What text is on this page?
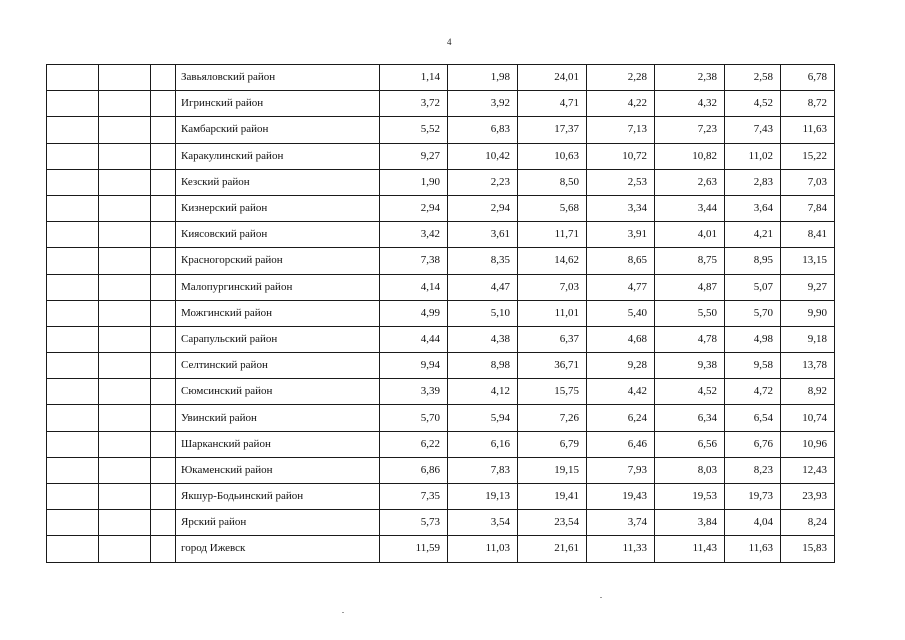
4
			Завьяловский район	1,14	1,98	24,01	2,28	2,38	2,58	6,78
			Игринский район	3,72	3,92	4,71	4,22	4,32	4,52	8,72
			Камбарский район	5,52	6,83	17,37	7,13	7,23	7,43	11,63
			Каракулинский район	9,27	10,42	10,63	10,72	10,82	11,02	15,22
			Кезский район	1,90	2,23	8,50	2,53	2,63	2,83	7,03
			Кизнерский район	2,94	2,94	5,68	3,34	3,44	3,64	7,84
			Киясовский район	3,42	3,61	11,71	3,91	4,01	4,21	8,41
			Красногорский район	7,38	8,35	14,62	8,65	8,75	8,95	13,15
			Малопургинский район	4,14	4,47	7,03	4,77	4,87	5,07	9,27
			Можгинский район	4,99	5,10	11,01	5,40	5,50	5,70	9,90
			Сарапульский район	4,44	4,38	6,37	4,68	4,78	4,98	9,18
			Селтинский район	9,94	8,98	36,71	9,28	9,38	9,58	13,78
			Сюмсинский район	3,39	4,12	15,75	4,42	4,52	4,72	8,92
			Увинский район	5,70	5,94	7,26	6,24	6,34	6,54	10,74
			Шарканский район	6,22	6,16	6,79	6,46	6,56	6,76	10,96
			Юкаменский район	6,86	7,83	19,15	7,93	8,03	8,23	12,43
			Якшур-Бодьинский район	7,35	19,13	19,41	19,43	19,53	19,73	23,93
			Ярский район	5,73	3,54	23,54	3,74	3,84	4,04	8,24
			город Ижевск	11,59	11,03	21,61	11,33	11,43	11,63	15,83
